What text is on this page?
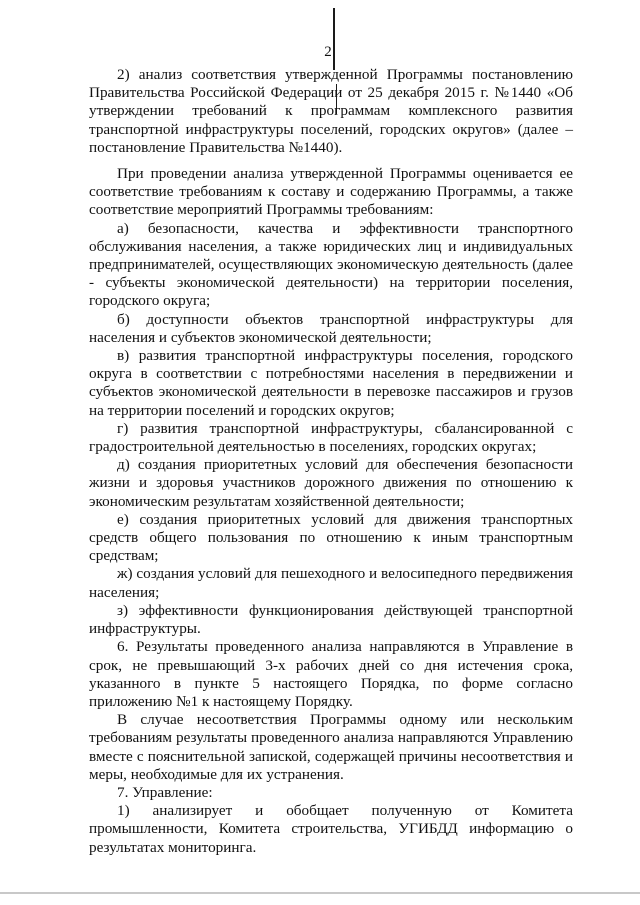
2

2) анализ соответствия утвержденной Программы постановлению Правительства Российской Федерации от 25 декабря 2015 г. №1440 «Об утверждении требований к программам комплексного развития транспортной инфраструктуры поселений, городских округов» (далее – постановление Правительства №1440).

При проведении анализа утвержденной Программы оценивается ее соответствие требованиям к составу и содержанию Программы, а также соответствие мероприятий Программы требованиям:

а) безопасности, качества и эффективности транспортного обслуживания населения, а также юридических лиц и индивидуальных предпринимателей, осуществляющих экономическую деятельность (далее - субъекты экономической деятельности) на территории поселения, городского округа;

б) доступности объектов транспортной инфраструктуры для населения и субъектов экономической деятельности;

в) развития транспортной инфраструктуры поселения, городского округа в соответствии с потребностями населения в передвижении и субъектов экономической деятельности в перевозке пассажиров и грузов на территории поселений и городских округов;

г) развития транспортной инфраструктуры, сбалансированной с градостроительной деятельностью в поселениях, городских округах;

д) создания приоритетных условий для обеспечения безопасности жизни и здоровья участников дорожного движения по отношению к экономическим результатам хозяйственной деятельности;

е) создания приоритетных условий для движения транспортных средств общего пользования по отношению к иным транспортным средствам;

ж) создания условий для пешеходного и велосипедного передвижения населения;

з) эффективности функционирования действующей транспортной инфраструктуры.

6. Результаты проведенного анализа направляются в Управление в срок, не превышающий 3-х рабочих дней со дня истечения срока, указанного в пункте 5 настоящего Порядка, по форме согласно приложению №1 к настоящему Порядку.

В случае несоответствия Программы одному или нескольким требованиям результаты проведенного анализа направляются Управлению вместе с пояснительной запиской, содержащей причины несоответствия и меры, необходимые для их устранения.

7. Управление:

1) анализирует и обобщает полученную от Комитета промышленности, Комитета строительства, УГИБДД информацию о результатах мониторинга.
